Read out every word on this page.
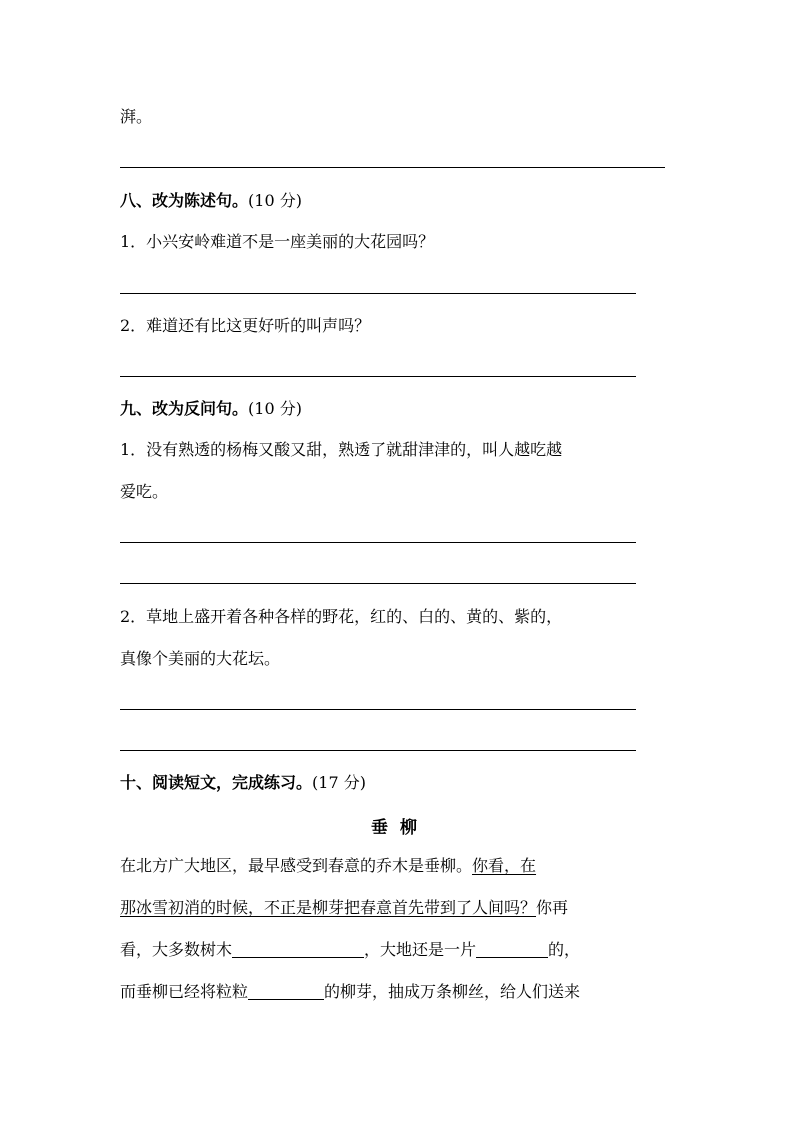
湃。
八、改为陈述句。(10 分)
1．小兴安岭难道不是一座美丽的大花园吗？
2．难道还有比这更好听的叫声吗？
九、改为反问句。(10 分)
1．没有熟透的杨梅又酸又甜，熟透了就甜津津的，叫人越吃越
爱吃。
2．草地上盛开着各种各样的野花，红的、白的、黄的、紫的，
真像个美丽的大花坛。
十、阅读短文，完成练习。(17 分)
垂柳
在北方广大地区，最早感受到春意的乔木是垂柳。你看，在
那冰雪初消的时候，不正是柳芽把春意首先带到了人间吗？你再
看，大多数树木	，大地还是一片	的，
而垂柳已经将粒粒	的柳芽，抽成万条柳丝，给人们送来
